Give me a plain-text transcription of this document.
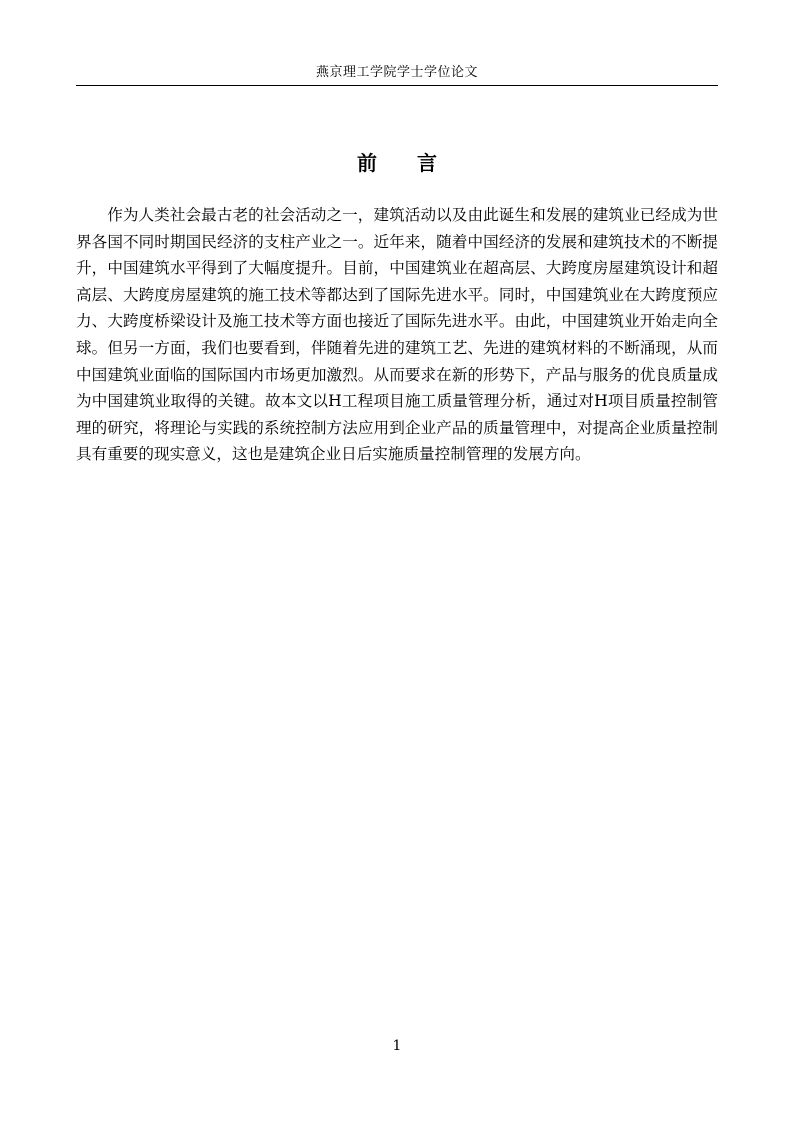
燕京理工学院学士学位论文
前 言

作为人类社会最古老的社会活动之一，建筑活动以及由此诞生和发展的建筑业已经成为世界各国不同时期国民经济的支柱产业之一。近年来，随着中国经济的发展和建筑技术的不断提升，中国建筑水平得到了大幅度提升。目前，中国建筑业在超高层、大跨度房屋建筑设计和超高层、大跨度房屋建筑的施工技术等都达到了国际先进水平。同时，中国建筑业在大跨度预应力、大跨度桥梁设计及施工技术等方面也接近了国际先进水平。由此，中国建筑业开始走向全球。但另一方面，我们也要看到，伴随着先进的建筑工艺、先进的建筑材料的不断涌现，从而中国建筑业面临的国际国内市场更加激烈。从而要求在新的形势下，产品与服务的优良质量成为中国建筑业取得的关键。故本文以H工程项目施工质量管理分析，通过对H项目质量控制管理的研究，将理论与实践的系统控制方法应用到企业产品的质量管理中，对提高企业质量控制具有重要的现实意义，这也是建筑企业日后实施质量控制管理的发展方向。

1
